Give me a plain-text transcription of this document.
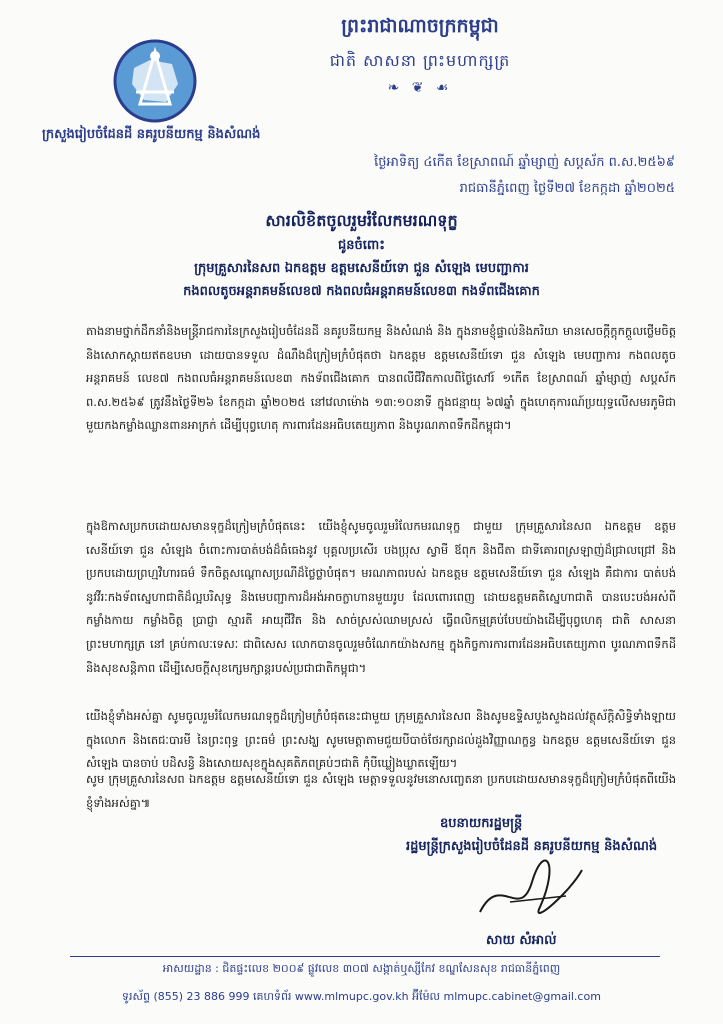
ព្រះរាជាណាចក្រកម្ពុជា
ជាតិ សាសនា ព្រះមហាក្សត្រ
❧ ❦ ☙
ក្រសួងរៀបចំដែនដី នគរូបនីយកម្ម និងសំណង់
ថ្ងៃអាទិត្យ ៤កើត ខែស្រាពណ៍ ឆ្នាំម្សាញ់ សប្តស័ក ព.ស.២៥៦៩
រាជធានីភ្នំពេញ ថ្ងៃទី២៧ ខែកក្កដា ឆ្នាំ២០២៥
សារលិខិតចូលរួមរំលែកមរណទុក្ខ
ជូនចំពោះ
ក្រុមគ្រួសារនៃសព ឯកឧត្តម ឧត្តមសេនីយ៍ទោ ជួន សំឡេង មេបញ្ជាការ
កងពលតូចអន្តរាគមន៍លេខ៧ កងពលធំអន្តរាគមន៍លេខ៣ កងទ័ពជើងគោក
តាងនាមថ្នាក់ដឹកនាំនិងមន្ត្រីរាជការនៃក្រសួងរៀបចំដែនដី នគរូបនីយកម្ម និងសំណង់ និង ក្នុងនាមខ្ញុំផ្ទាល់និងភរិយា មានសេចក្តីក្តុកក្តួលថ្លើមចិត្ត និងសោកស្តាយឥតឧបមា ដោយបានទទួល ដំណឹងដ៏ក្រៀមក្រំបំផុតថា ឯកឧត្តម ឧត្តមសេនីយ៍ទោ ជួន សំឡេង មេបញ្ជាការ កងពលតូចអន្តរាគមន៍ លេខ៧ កងពលធំអន្តរាគមន៍លេខ៣ កងទ័ពជើងគោក បានពលីជីវិតកាលពីថ្ងៃសៅរ៍ ១កើត ខែស្រាពណ៍ ឆ្នាំម្សាញ់ សប្តស័ក ព.ស.២៥៦៩ ត្រូវនឹងថ្ងៃទី២៦ ខែកក្កដា ឆ្នាំ២០២៥ នៅវេលាម៉ោង ១៣:១០នាទី ក្នុងជន្មាយុ ៦៧ឆ្នាំ ក្នុងហេតុការណ៍ប្រយុទ្ធលើសមរភូមិជាមួយកងកម្លាំងឈ្លានពានអាក្រក់ ដើម្បីបុព្វហេតុ ការពារដែនអធិបតេយ្យភាព និងបូរណភាពទឹកដីកម្ពុជា។
ក្នុងឱកាសប្រកបដោយសមានទុក្ខដ៏ក្រៀមក្រំបំផុតនេះ យើងខ្ញុំសូមចូលរួមរំលែកមរណទុក្ខ ជាមួយ ក្រុមគ្រួសារនៃសព ឯកឧត្តម ឧត្តមសេនីយ៍ទោ ជួន សំឡេង ចំពោះការបាត់បង់ដ៏ធំធេងនូវ បុគ្គលប្រសើរ បងប្រុស ស្វាមី ឪពុក និងជីតា ជាទីគោរពស្រឡាញ់ដ៏ជ្រាលជ្រៅ និងប្រកបដោយព្រហ្មវិហារធម៌ ទឹកចិត្តសណ្តោសប្រណីដ៏ថ្លៃថ្លាបំផុត។ មរណភាពរបស់ ឯកឧត្តម ឧត្តមសេនីយ៍ទោ ជួន សំឡេង គឺជាការ បាត់បង់នូវវីរៈកងទ័ពស្នេហាជាតិដ៏ល្អបរិសុទ្ធ និងមេបញ្ជាការដ៏អង់អាចក្លាហានមួយរូប ដែលពោរពេញ ដោយឧត្តមគតិស្នេហាជាតិ បានបេះបង់អស់ពីកម្លាំងកាយ កម្លាំងចិត្ត ប្រាជ្ញា ស្មារតី អាយុជីវិត និង សាច់ស្រស់ឈាមស្រស់ ធ្វើពលិកម្មគ្រប់បែបយ៉ាងដើម្បីបុព្វហេតុ ជាតិ សាសនា ព្រះមហាក្សត្រ នៅ គ្រប់កាលៈទេសៈ ជាពិសេស លោកបានចូលរួមចំណែកយ៉ាងសកម្ម ក្នុងកិច្ចការការពារដែនអធិបតេយ្យភាព បូរណភាពទឹកដី និងសុខសន្តិភាព ដើម្បីសេចក្តីសុខក្សេមក្សាន្តរបស់ប្រជាជាតិកម្ពុជា។
យើងខ្ញុំទាំងអស់គ្នា សូមចូលរួមរំលែកមរណទុក្ខដ៏ក្រៀមក្រំបំផុតនេះជាមួយ ក្រុមគ្រួសារនៃសព និងសូមឧទ្ទិសបួងសួងដល់វត្ថុស័ក្តិសិទ្ធិទាំងឡាយក្នុងលោក និងតេជៈបារមី នៃព្រះពុទ្ធ ព្រះធម៌ ព្រះសង្ឃ សូមមេត្តាតាមជួយបីបាច់ថែរក្សាដល់ដួងវិញ្ញាណក្ខន្ធ ឯកឧត្តម ឧត្តមសេនីយ៍ទោ ជួន សំឡេង បានចាប់ បដិសន្ធិ និងសោយសុខក្នុងសុគតិភពគ្រប់ៗជាតិ កុំបីឃ្លៀងឃ្លាតឡើយ។
សូម ក្រុមគ្រួសារនៃសព ឯកឧត្តម ឧត្តមសេនីយ៍ទោ ជួន សំឡេង មេត្តាទទួលនូវមនោសញ្ចេតនា ប្រកបដោយសមានទុក្ខដ៏ក្រៀមក្រំបំផុតពីយើងខ្ញុំទាំងអស់គ្នា៕
ឧបនាយករដ្ឋមន្ត្រី
រដ្ឋមន្ត្រីក្រសួងរៀបចំដែនដី នគរូបនីយកម្ម និងសំណង់
សាយ សំអាល់
អាសយដ្ឋាន : ជិតផ្ទះលេខ ២០០៩ ផ្លូវលេខ ៣០៧ សង្កាត់ឬស្សីកែវ ខណ្ឌសែនសុខ រាជធានីភ្នំពេញ
ទូរស័ព្ទ (855) 23 886 999 គេហទំព័រ www.mlmupc.gov.kh អ៊ីម៉ែល mlmupc.cabinet@gmail.com
